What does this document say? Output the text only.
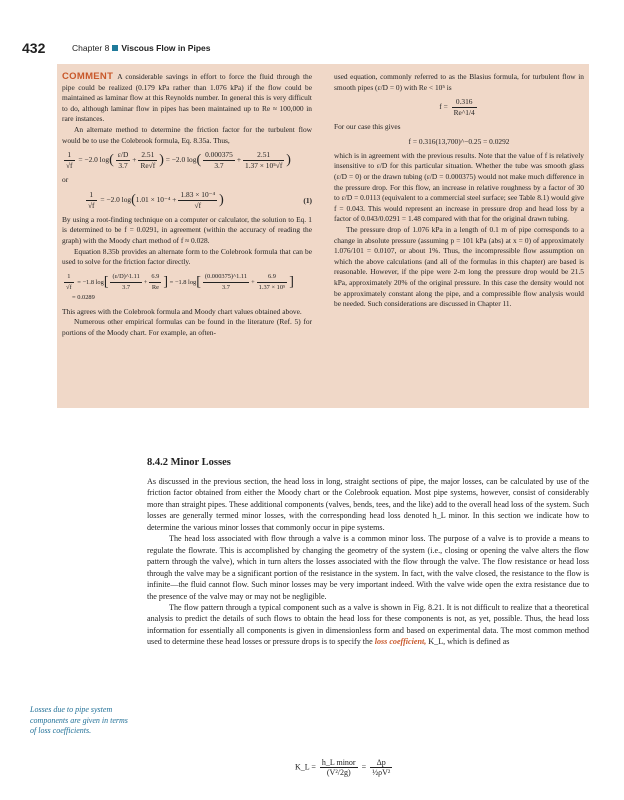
432	Chapter 8 Viscous Flow in Pipes

COMMENT A considerable savings in effort to force the fluid through the pipe could be realized (0.179 kPa rather than 1.076 kPa) if the flow could be maintained as laminar flow at this Reynolds number. In general this is very difficult to do, although laminar flow in pipes has been maintained up to Re ≈ 100,000 in rare instances.

An alternate method to determine the friction factor for the turbulent flow would be to use the Colebrook formula, Eq. 8.35a. Thus,

$\frac{1}{√f} = -2.0$ $\log( \frac{\varepsilon/D}{3.7} + \frac{2.51}{Re√f}$ ) = −2.0 $\log( \frac{0.000375}{3.7} + \frac{2.51}{\text{1.37 × 10⁵√f}}$ )

or

$\frac{1}{√f} = -2.0$ $\log(1.01 \times 10^{-4} + \frac{\text{1.83 × 10⁻⁴}}{√f}$ )	(1)

By using a root-finding technique on a computer or calculator, the solution to Eq. 1 is determined to be f = 0.0291, in agreement (within the accuracy of reading the graph) with the Moody chart method of f ≈ 0.028.

Equation 8.35b provides an alternate form to the Colebrook formula that can be used to solve for the friction factor directly.

$\frac{1}{√f} = -1.8$ $\log[ \frac{(\varepsilon/D)\^{}1.11}{3.7} + \frac{6.9}{Re}$ ] = −1.8 $\log[ \frac{(0.000375)\^{}1.11}{3.7} + \frac{6.9}{\text{1.37 × 10⁵}}$ ]
= 0.0289

This agrees with the Colebrook formula and Moody chart values obtained above.

Numerous other empirical formulas can be found in the literature (Ref. 5) for portions of the Moody chart. For example, an often-

used equation, commonly referred to as the Blasius formula, for turbulent flow in smooth pipes (ε/D = 0) with Re < 10⁵ is

$f = \frac{0.316}{Re\^{}1/4}$

For our case this gives

f = 0.316(13,700)^−0.25 = 0.0292

which is in agreement with the previous results. Note that the value of f is relatively insensitive to ε/D for this particular situation. Whether the tube was smooth glass (ε/D = 0) or the drawn tubing (ε/D = 0.000375) would not make much difference in the pressure drop. For this flow, an increase in relative roughness by a factor of 30 to ε/D = 0.0113 (equivalent to a commercial steel surface; see Table 8.1) would give f = 0.043. This would represent an increase in pressure drop and head loss by a factor of 0.043/0.0291 = 1.48 compared with that for the original drawn tubing.

The pressure drop of 1.076 kPa in a length of 0.1 m of pipe corresponds to a change in absolute pressure (assuming p = 101 kPa (abs) at x = 0) of approximately 1.076/101 = 0.0107, or about 1%. Thus, the incompressible flow assumption on which the above calculations (and all of the formulas in this chapter) are based is reasonable. However, if the pipe were 2-m long the pressure drop would be 21.5 kPa, approximately 20% of the original pressure. In this case the density would not be approximately constant along the pipe, and a compressible flow analysis would be needed. Such considerations are discussed in Chapter 11.

8.4.2 Minor Losses

As discussed in the previous section, the head loss in long, straight sections of pipe, the major losses, can be calculated by use of the friction factor obtained from either the Moody chart or the Colebrook equation. Most pipe systems, however, consist of considerably more than straight pipes. These additional components (valves, bends, tees, and the like) add to the overall head loss of the system. Such losses are generally termed minor losses, with the corresponding head loss denoted h_L minor. In this section we indicate how to determine the various minor losses that commonly occur in pipe systems.

The head loss associated with flow through a valve is a common minor loss. The purpose of a valve is to provide a means to regulate the flowrate. This is accomplished by changing the geometry of the system (i.e., closing or opening the valve alters the flow pattern through the valve), which in turn alters the losses associated with the flow through the valve. The flow resistance or head loss through the valve may be a significant portion of the resistance in the system. In fact, with the valve closed, the resistance to the flow is infinite—the fluid cannot flow. Such minor losses may be very important indeed. With the valve wide open the extra resistance due to the presence of the valve may or may not be negligible.

The flow pattern through a typical component such as a valve is shown in Fig. 8.21. It is not difficult to realize that a theoretical analysis to predict the details of such flows to obtain the head loss for these components is not, as yet, possible. Thus, the head loss information for essentially all components is given in dimensionless form and based on experimental data. The most common method used to determine these head losses or pressure drops is to specify the loss coefficient, K_L, which is defined as

K_L = $\frac{\text{h\_L minor}}{\text{(V²/2g)}} = \frac{\Delta p}{\text{½ρV²}}$
Losses due to pipe system components are given in terms of loss coefficients.
